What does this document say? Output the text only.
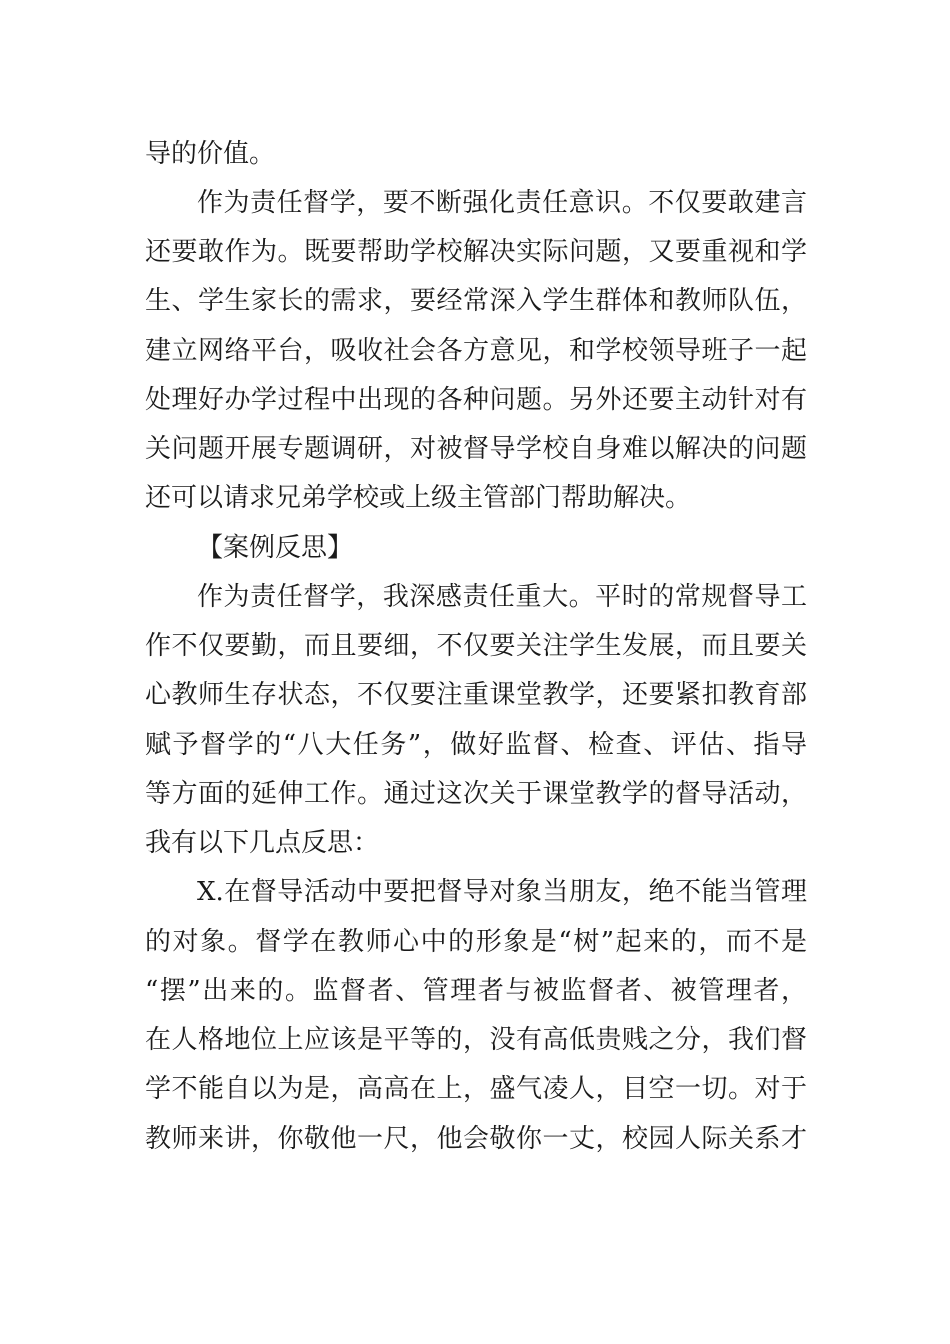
导的价值。
作为责任督学，要不断强化责任意识。不仅要敢建言
还要敢作为。既要帮助学校解决实际问题，又要重视和学
生、学生家长的需求，要经常深入学生群体和教师队伍，
建立网络平台，吸收社会各方意见，和学校领导班子一起
处理好办学过程中出现的各种问题。另外还要主动针对有
关问题开展专题调研，对被督导学校自身难以解决的问题
还可以请求兄弟学校或上级主管部门帮助解决。
【案例反思】
作为责任督学，我深感责任重大。平时的常规督导工
作不仅要勤，而且要细，不仅要关注学生发展，而且要关
心教师生存状态，不仅要注重课堂教学，还要紧扣教育部
赋予督学的“八大任务”，做好监督、检查、评估、指导
等方面的延伸工作。通过这次关于课堂教学的督导活动，
我有以下几点反思：
X.在督导活动中要把督导对象当朋友，绝不能当管理
的对象。督学在教师心中的形象是“树”起来的，而不是
“摆”出来的。监督者、管理者与被监督者、被管理者，
在人格地位上应该是平等的，没有高低贵贱之分，我们督
学不能自以为是，高高在上，盛气凌人，目空一切。对于
教师来讲，你敬他一尺，他会敬你一丈，校园人际关系才
